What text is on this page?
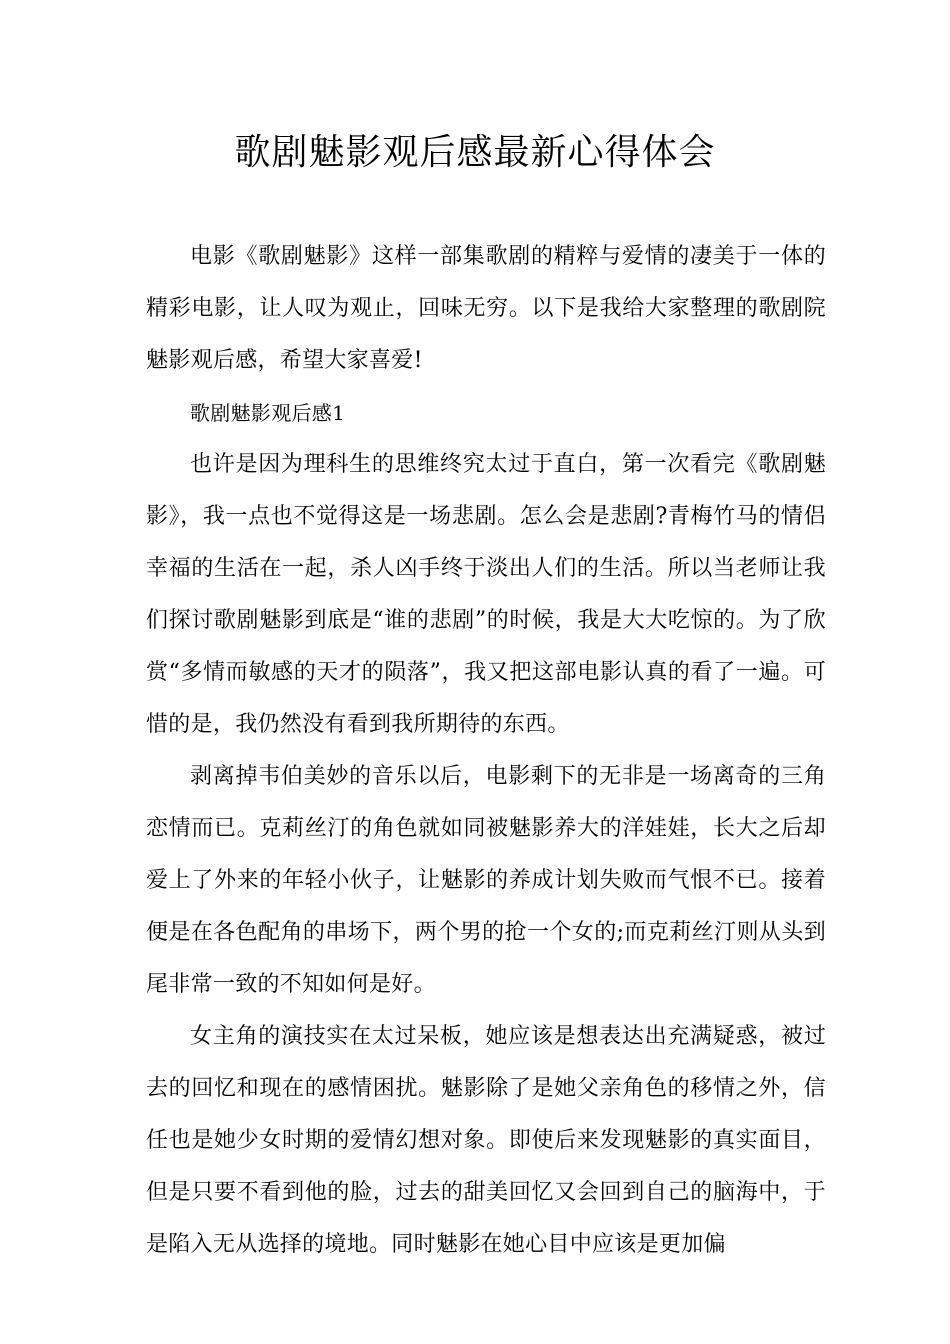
歌剧魅影观后感最新心得体会

电影《歌剧魅影》这样一部集歌剧的精粹与爱情的凄美于一体的精彩电影，让人叹为观止，回味无穷。以下是我给大家整理的歌剧院魅影观后感，希望大家喜爱!

歌剧魅影观后感1

也许是因为理科生的思维终究太过于直白，第一次看完《歌剧魅影》，我一点也不觉得这是一场悲剧。怎么会是悲剧?青梅竹马的情侣幸福的生活在一起，杀人凶手终于淡出人们的生活。所以当老师让我们探讨歌剧魅影到底是“谁的悲剧”的时候，我是大大吃惊的。为了欣赏“多情而敏感的天才的陨落”，我又把这部电影认真的看了一遍。可惜的是，我仍然没有看到我所期待的东西。

剥离掉韦伯美妙的音乐以后，电影剩下的无非是一场离奇的三角恋情而已。克莉丝汀的角色就如同被魅影养大的洋娃娃，长大之后却爱上了外来的年轻小伙子，让魅影的养成计划失败而气恨不已。接着便是在各色配角的串场下，两个男的抢一个女的;而克莉丝汀则从头到尾非常一致的不知如何是好。

女主角的演技实在太过呆板，她应该是想表达出充满疑惑，被过去的回忆和现在的感情困扰。魅影除了是她父亲角色的移情之外，信任也是她少女时期的爱情幻想对象。即使后来发现魅影的真实面目，但是只要不看到他的脸，过去的甜美回忆又会回到自己的脑海中，于是陷入无从选择的境地。同时魅影在她心目中应该是更加偏
